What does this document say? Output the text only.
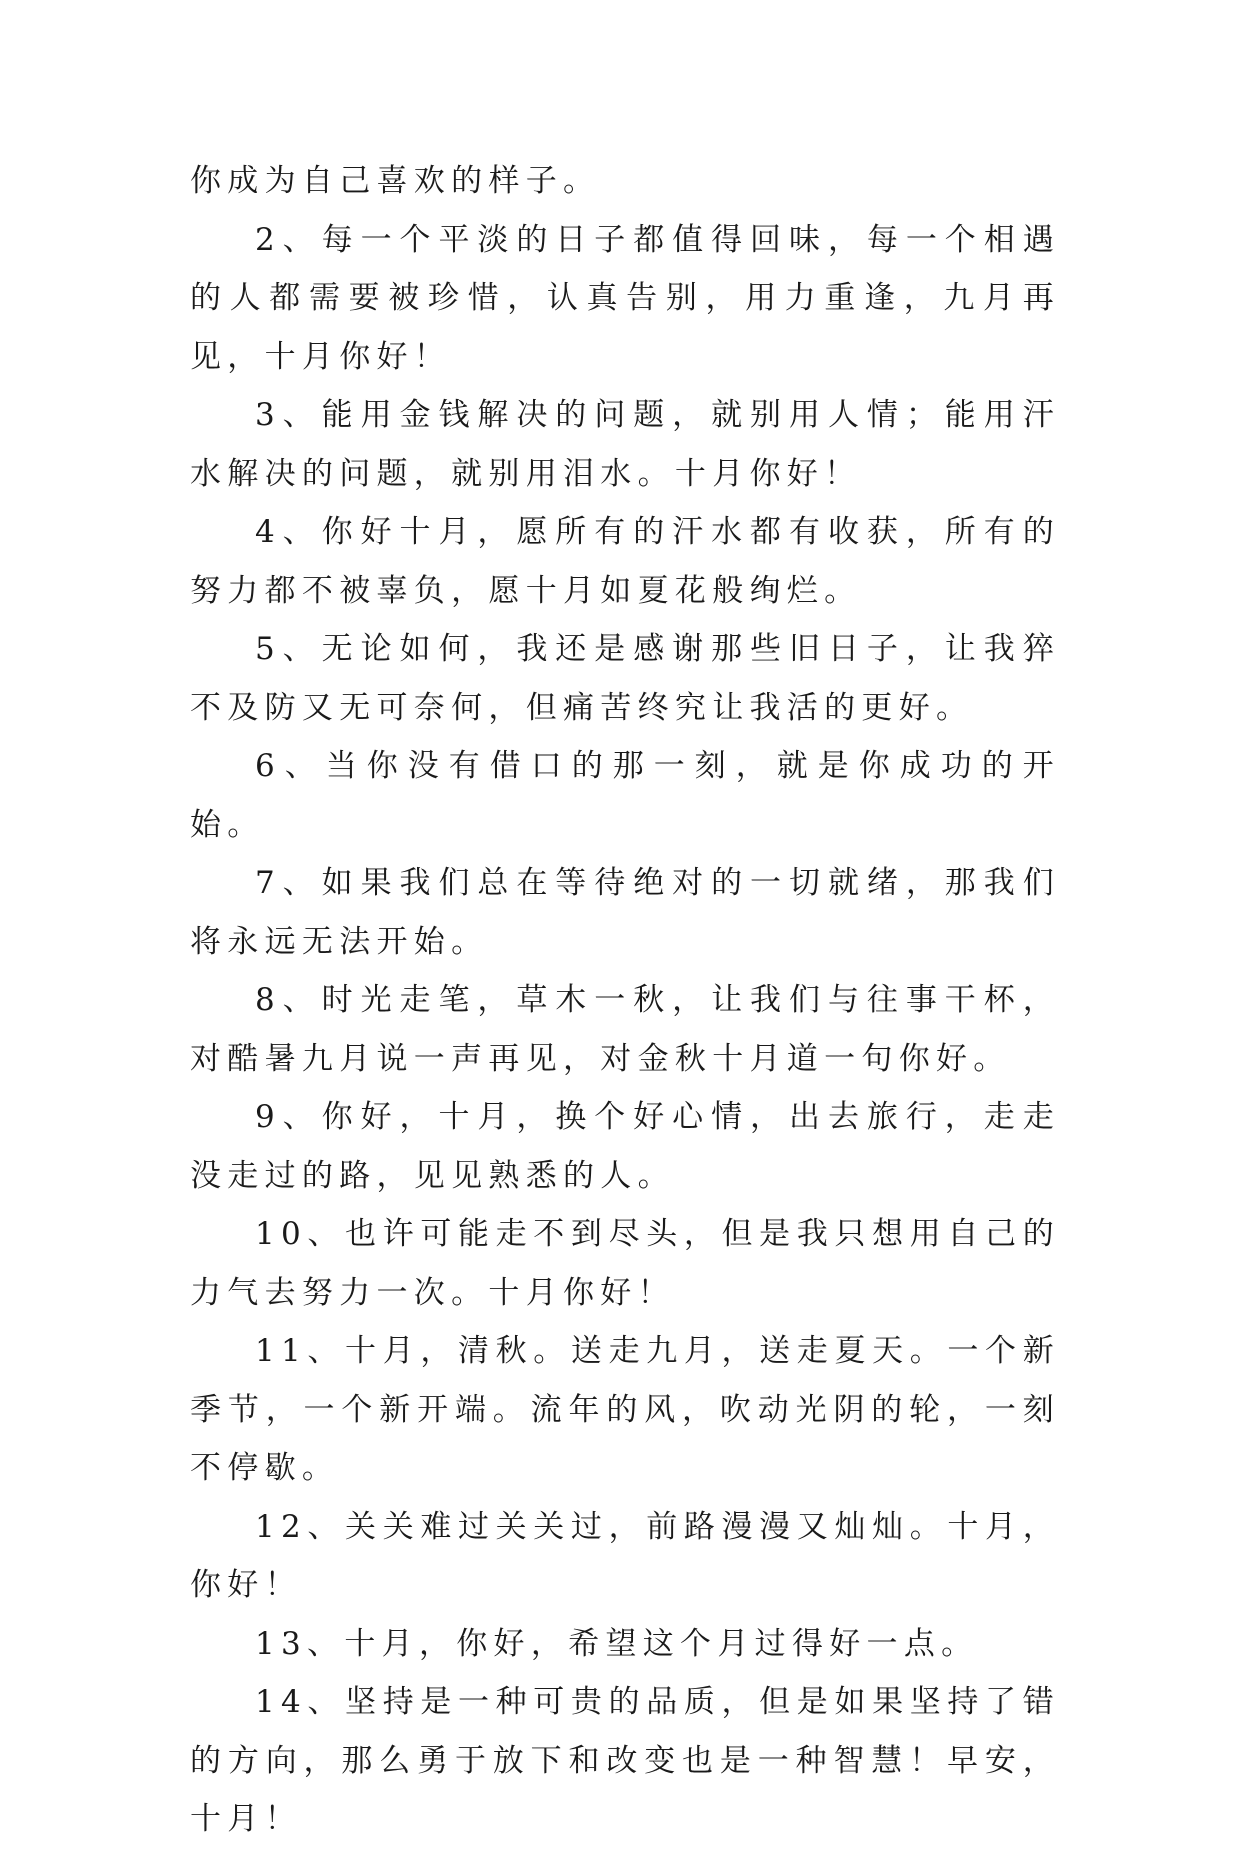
你成为自己喜欢的样子。

2、每一个平淡的日子都值得回味，每一个相遇的人都需要被珍惜，认真告别，用力重逢，九月再见，十月你好！

3、能用金钱解决的问题，就别用人情；能用汗水解决的问题，就别用泪水。十月你好！

4、你好十月，愿所有的汗水都有收获，所有的努力都不被辜负，愿十月如夏花般绚烂。

5、无论如何，我还是感谢那些旧日子，让我猝不及防又无可奈何，但痛苦终究让我活的更好。

6、当你没有借口的那一刻，就是你成功的开始。

7、如果我们总在等待绝对的一切就绪，那我们将永远无法开始。

8、时光走笔，草木一秋，让我们与往事干杯，对酷暑九月说一声再见，对金秋十月道一句你好。

9、你好，十月，换个好心情，出去旅行，走走没走过的路，见见熟悉的人。

10、也许可能走不到尽头，但是我只想用自己的力气去努力一次。十月你好！

11、十月，清秋。送走九月，送走夏天。一个新季节，一个新开端。流年的风，吹动光阴的轮，一刻不停歇。

12、关关难过关关过，前路漫漫又灿灿。十月，你好！

13、十月，你好，希望这个月过得好一点。

14、坚持是一种可贵的品质，但是如果坚持了错的方向，那么勇于放下和改变也是一种智慧！早安，十月！
